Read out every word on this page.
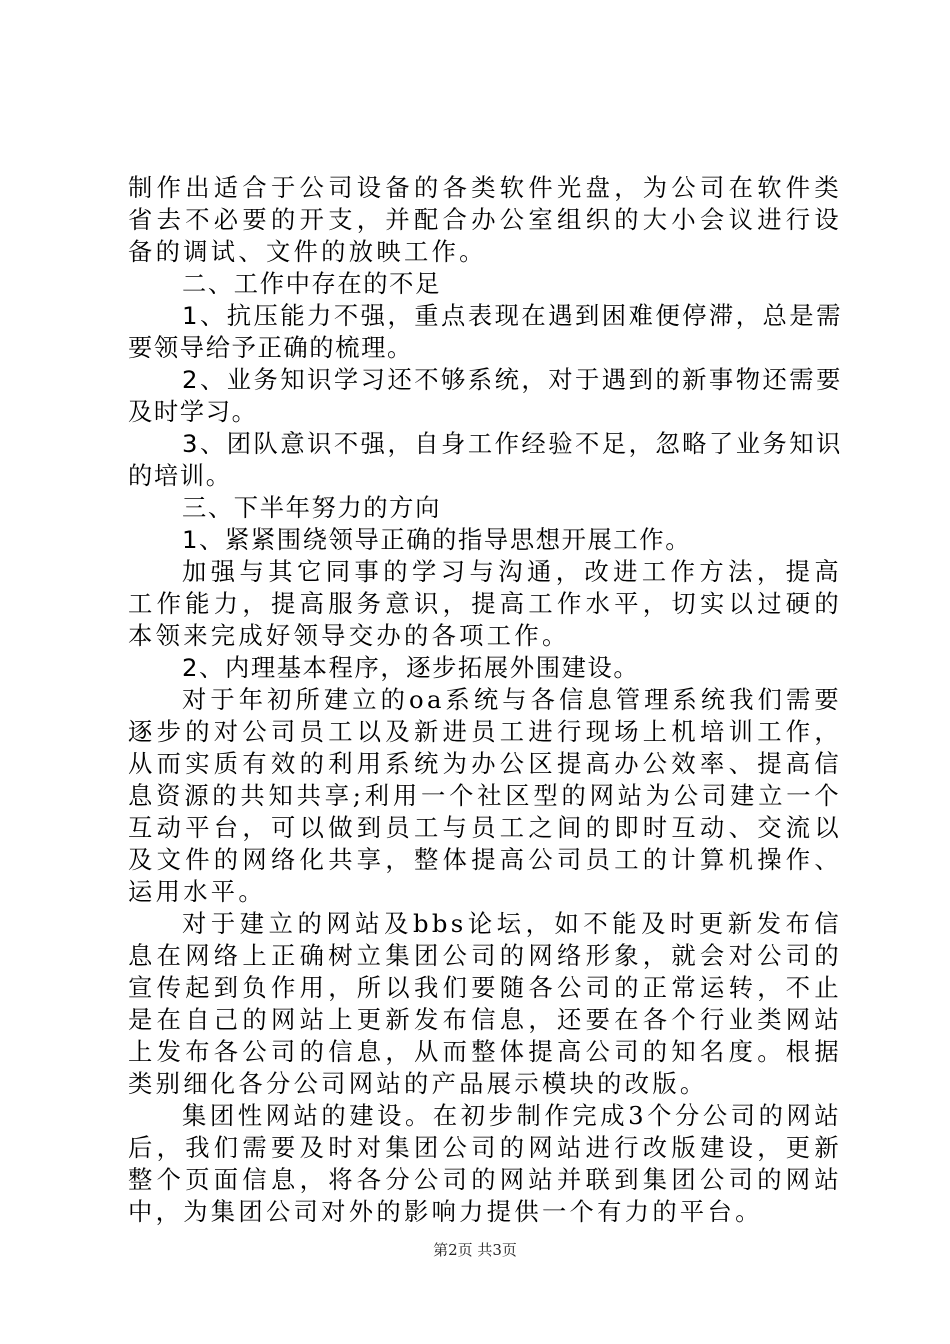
制作出适合于公司设备的各类软件光盘，为公司在软件类省去不必要的开支，并配合办公室组织的大小会议进行设备的调试、文件的放映工作。

二、工作中存在的不足

1、抗压能力不强，重点表现在遇到困难便停滞，总是需要领导给予正确的梳理。

2、业务知识学习还不够系统，对于遇到的新事物还需要及时学习。

3、团队意识不强，自身工作经验不足，忽略了业务知识的培训。

三、下半年努力的方向

1、紧紧围绕领导正确的指导思想开展工作。

加强与其它同事的学习与沟通，改进工作方法，提高工作能力，提高服务意识，提高工作水平，切实以过硬的本领来完成好领导交办的各项工作。

2、内理基本程序，逐步拓展外围建设。

对于年初所建立的oa系统与各信息管理系统我们需要逐步的对公司员工以及新进员工进行现场上机培训工作，从而实质有效的利用系统为办公区提高办公效率、提高信息资源的共知共享;利用一个社区型的网站为公司建立一个互动平台，可以做到员工与员工之间的即时互动、交流以及文件的网络化共享，整体提高公司员工的计算机操作、运用水平。

对于建立的网站及bbs论坛，如不能及时更新发布信息在网络上正确树立集团公司的网络形象，就会对公司的宣传起到负作用，所以我们要随各公司的正常运转，不止是在自己的网站上更新发布信息，还要在各个行业类网站上发布各公司的信息，从而整体提高公司的知名度。根据类别细化各分公司网站的产品展示模块的改版。

集团性网站的建设。在初步制作完成3个分公司的网站后，我们需要及时对集团公司的网站进行改版建设，更新整个页面信息，将各分公司的网站并联到集团公司的网站中，为集团公司对外的影响力提供一个有力的平台。

第2页 共3页
